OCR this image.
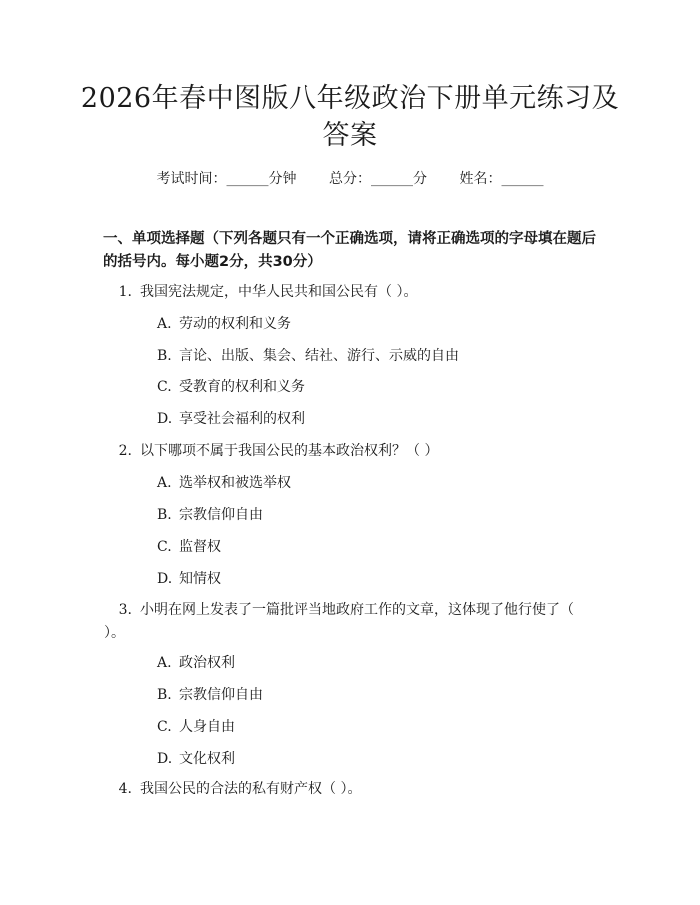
2026年春中图版八年级政治下册单元练习及答案
考试时间：______分钟 总分：______分 姓名：______
一、单项选择题（下列各题只有一个正确选项，请将正确选项的字母填在题后的括号内。每小题2分，共30分）
1. 我国宪法规定，中华人民共和国公民有（ ）。
A. 劳动的权利和义务
B. 言论、出版、集会、结社、游行、示威的自由
C. 受教育的权利和义务
D. 享受社会福利的权利
2. 以下哪项不属于我国公民的基本政治权利？（ ）
A. 选举权和被选举权
B. 宗教信仰自由
C. 监督权
D. 知情权
3. 小明在网上发表了一篇批评当地政府工作的文章，这体现了他行使了（ ）。
A. 政治权利
B. 宗教信仰自由
C. 人身自由
D. 文化权利
4. 我国公民的合法的私有财产权（ ）。
